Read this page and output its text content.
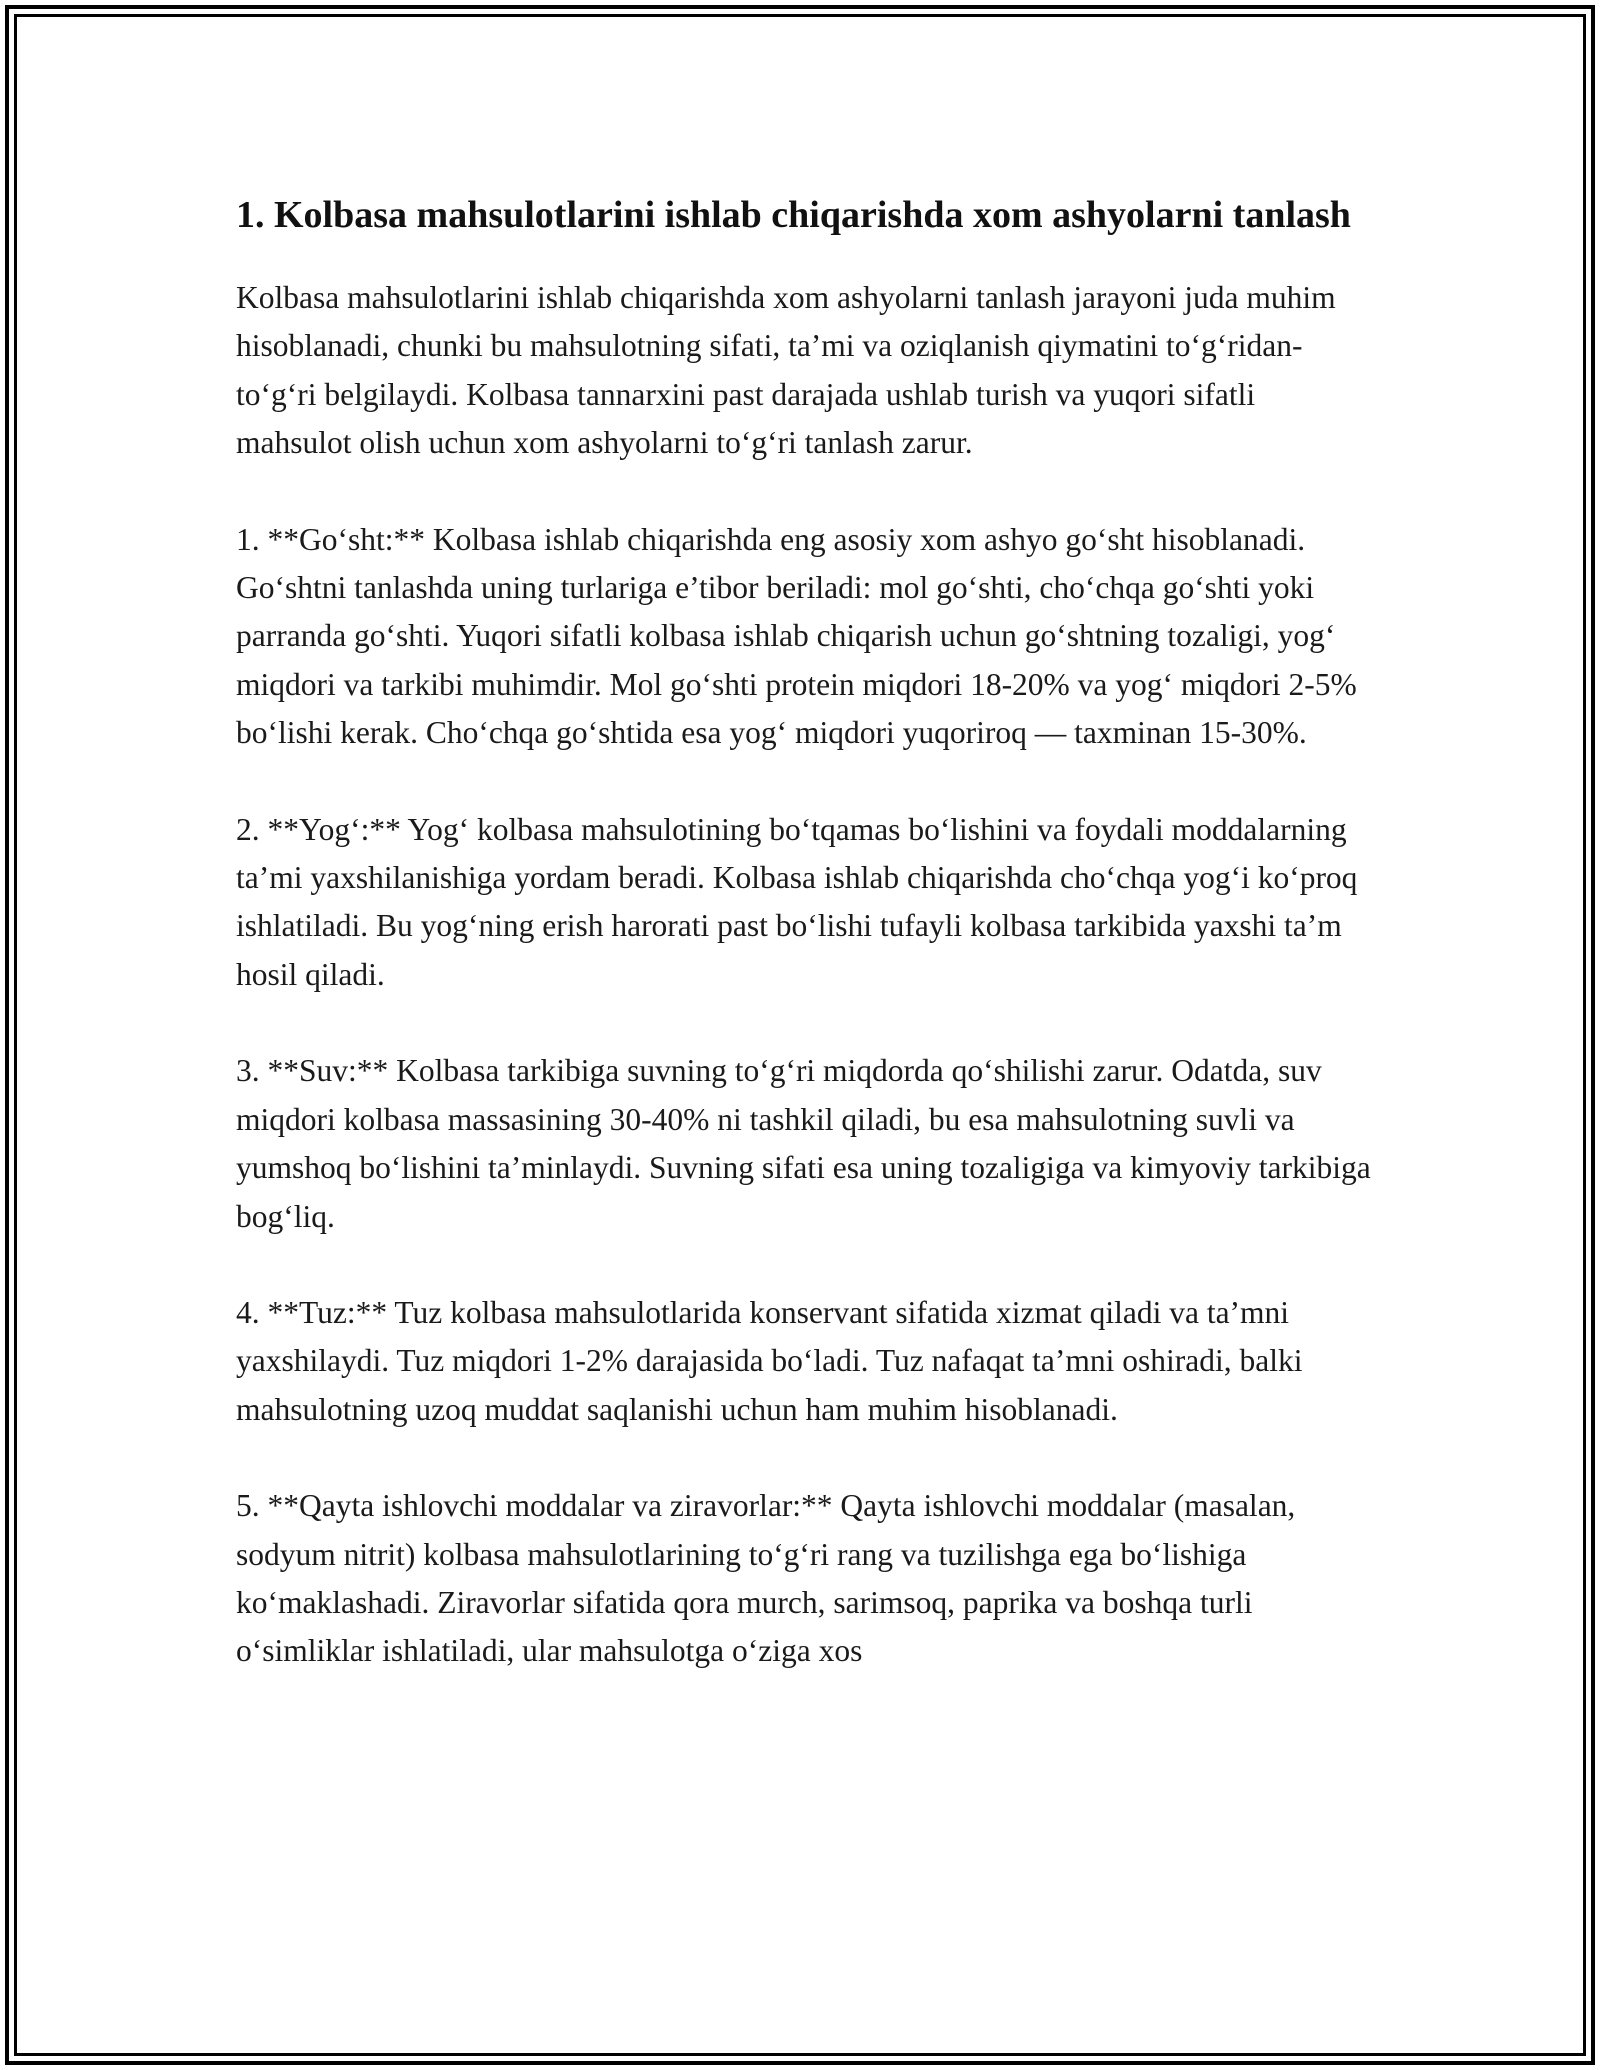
1. Kolbasa mahsulotlarini ishlab chiqarishda xom ashyolarni tanlash

Kolbasa mahsulotlarini ishlab chiqarishda xom ashyolarni tanlash jarayoni juda muhim hisoblanadi, chunki bu mahsulotning sifati, ta’mi va oziqlanish qiymatini to‘g‘ridan-to‘g‘ri belgilaydi. Kolbasa tannarxini past darajada ushlab turish va yuqori sifatli mahsulot olish uchun xom ashyolarni to‘g‘ri tanlash zarur.

1. **Go‘sht:** Kolbasa ishlab chiqarishda eng asosiy xom ashyo go‘sht hisoblanadi. Go‘shtni tanlashda uning turlariga e’tibor beriladi: mol go‘shti, cho‘chqa go‘shti yoki parranda go‘shti. Yuqori sifatli kolbasa ishlab chiqarish uchun go‘shtning tozaligi, yog‘ miqdori va tarkibi muhimdir. Mol go‘shti protein miqdori 18-20% va yog‘ miqdori 2-5% bo‘lishi kerak. Cho‘chqa go‘shtida esa yog‘ miqdori yuqoriroq — taxminan 15-30%.

2. **Yog‘:** Yog‘ kolbasa mahsulotining bo‘tqamas bo‘lishini va foydali moddalarning ta’mi yaxshilanishiga yordam beradi. Kolbasa ishlab chiqarishda cho‘chqa yog‘i ko‘proq ishlatiladi. Bu yog‘ning erish harorati past bo‘lishi tufayli kolbasa tarkibida yaxshi ta’m hosil qiladi.

3. **Suv:** Kolbasa tarkibiga suvning to‘g‘ri miqdorda qo‘shilishi zarur. Odatda, suv miqdori kolbasa massasining 30-40% ni tashkil qiladi, bu esa mahsulotning suvli va yumshoq bo‘lishini ta’minlaydi. Suvning sifati esa uning tozaligiga va kimyoviy tarkibiga bog‘liq.

4. **Tuz:** Tuz kolbasa mahsulotlarida konservant sifatida xizmat qiladi va ta’mni yaxshilaydi. Tuz miqdori 1-2% darajasida bo‘ladi. Tuz nafaqat ta’mni oshiradi, balki mahsulotning uzoq muddat saqlanishi uchun ham muhim hisoblanadi.

5. **Qayta ishlovchi moddalar va ziravorlar:** Qayta ishlovchi moddalar (masalan, sodyum nitrit) kolbasa mahsulotlarining to‘g‘ri rang va tuzilishga ega bo‘lishiga ko‘maklashadi. Ziravorlar sifatida qora murch, sarimsoq, paprika va boshqa turli o‘simliklar ishlatiladi, ular mahsulotga o‘ziga xos
